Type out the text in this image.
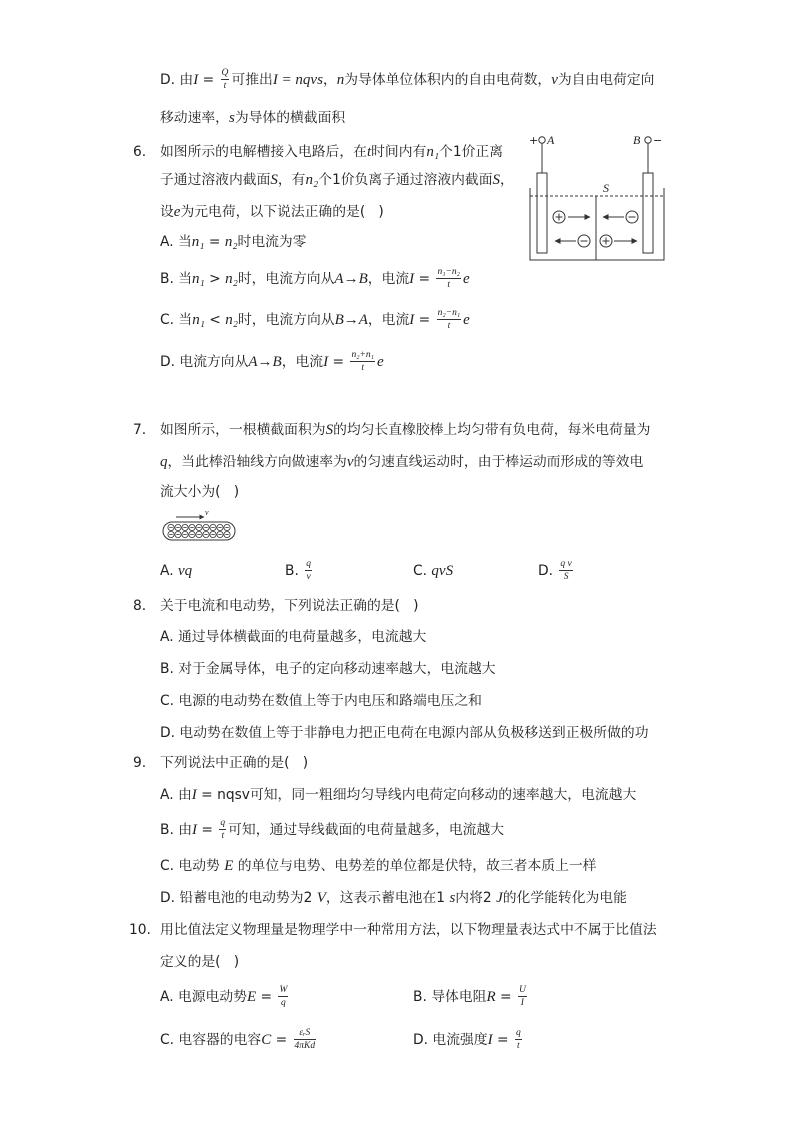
D. 由$I = \frac{Q}{t}$ 可推出I = nqvs，n为导体单位体积内的自由电荷数，v为自由电荷定向
移动速率，s为导体的横截面积
6. 如图所示的电解槽接入电路后，在t时间内有n₁个1价正离
子通过溶液内截面S，有n₂个1价负离子通过溶液内截面S，
设e为元电荷，以下说法正确的是(   )
A. 当n₁ = n₂时电流为零
B. 当n₁ > n₂时，电流方向从A→B，电流$I = \frac{\text{n₁−n₂}}{t}$ e
C. 当n₁ < n₂时，电流方向从B→A，电流$I = \frac{\text{n₂−n₁}}{t}$ e
D. 电流方向从A→B，电流$I = \frac{\text{n₂+n₁}}{t}$ e
+ A	B −
S
7. 如图所示，一根横截面积为S的均匀长直橡胶棒上均匀带有负电荷，每米电荷量为
q，当此棒沿轴线方向做速率为v的匀速直线运动时，由于棒运动而形成的等效电
流大小为(   )
v
A. vq	B. $\frac{q}{v}$	C. qvS	D. $\frac{\text{q v}}{S}$
8. 关于电流和电动势，下列说法正确的是(   )
A. 通过导体横截面的电荷量越多，电流越大
B. 对于金属导体，电子的定向移动速率越大，电流越大
C. 电源的电动势在数值上等于内电压和路端电压之和
D. 电动势在数值上等于非静电力把正电荷在电源内部从负极移送到正极所做的功
9. 下列说法中正确的是(   )
A. 由I = nqsv可知，同一粗细均匀导线内电荷定向移动的速率越大，电流越大
B. 由$I = \frac{q}{t}$ 可知，通过导线截面的电荷量越多，电流越大
C. 电动势 E 的单位与电势、电势差的单位都是伏特，故三者本质上一样
D. 铅蓄电池的电动势为2 V，这表示蓄电池在1 s内将2 J的化学能转化为电能
10. 用比值法定义物理量是物理学中一种常用方法，以下物理量表达式中不属于比值法
定义的是(   )
A. 电源电动势$E = \frac{W}{q}$	B. 导体电阻$R = \frac{U}{I}$
C. 电容器的电容C = εᵣS
4πKd	D. 电流强度$I = \frac{q}{t}$
